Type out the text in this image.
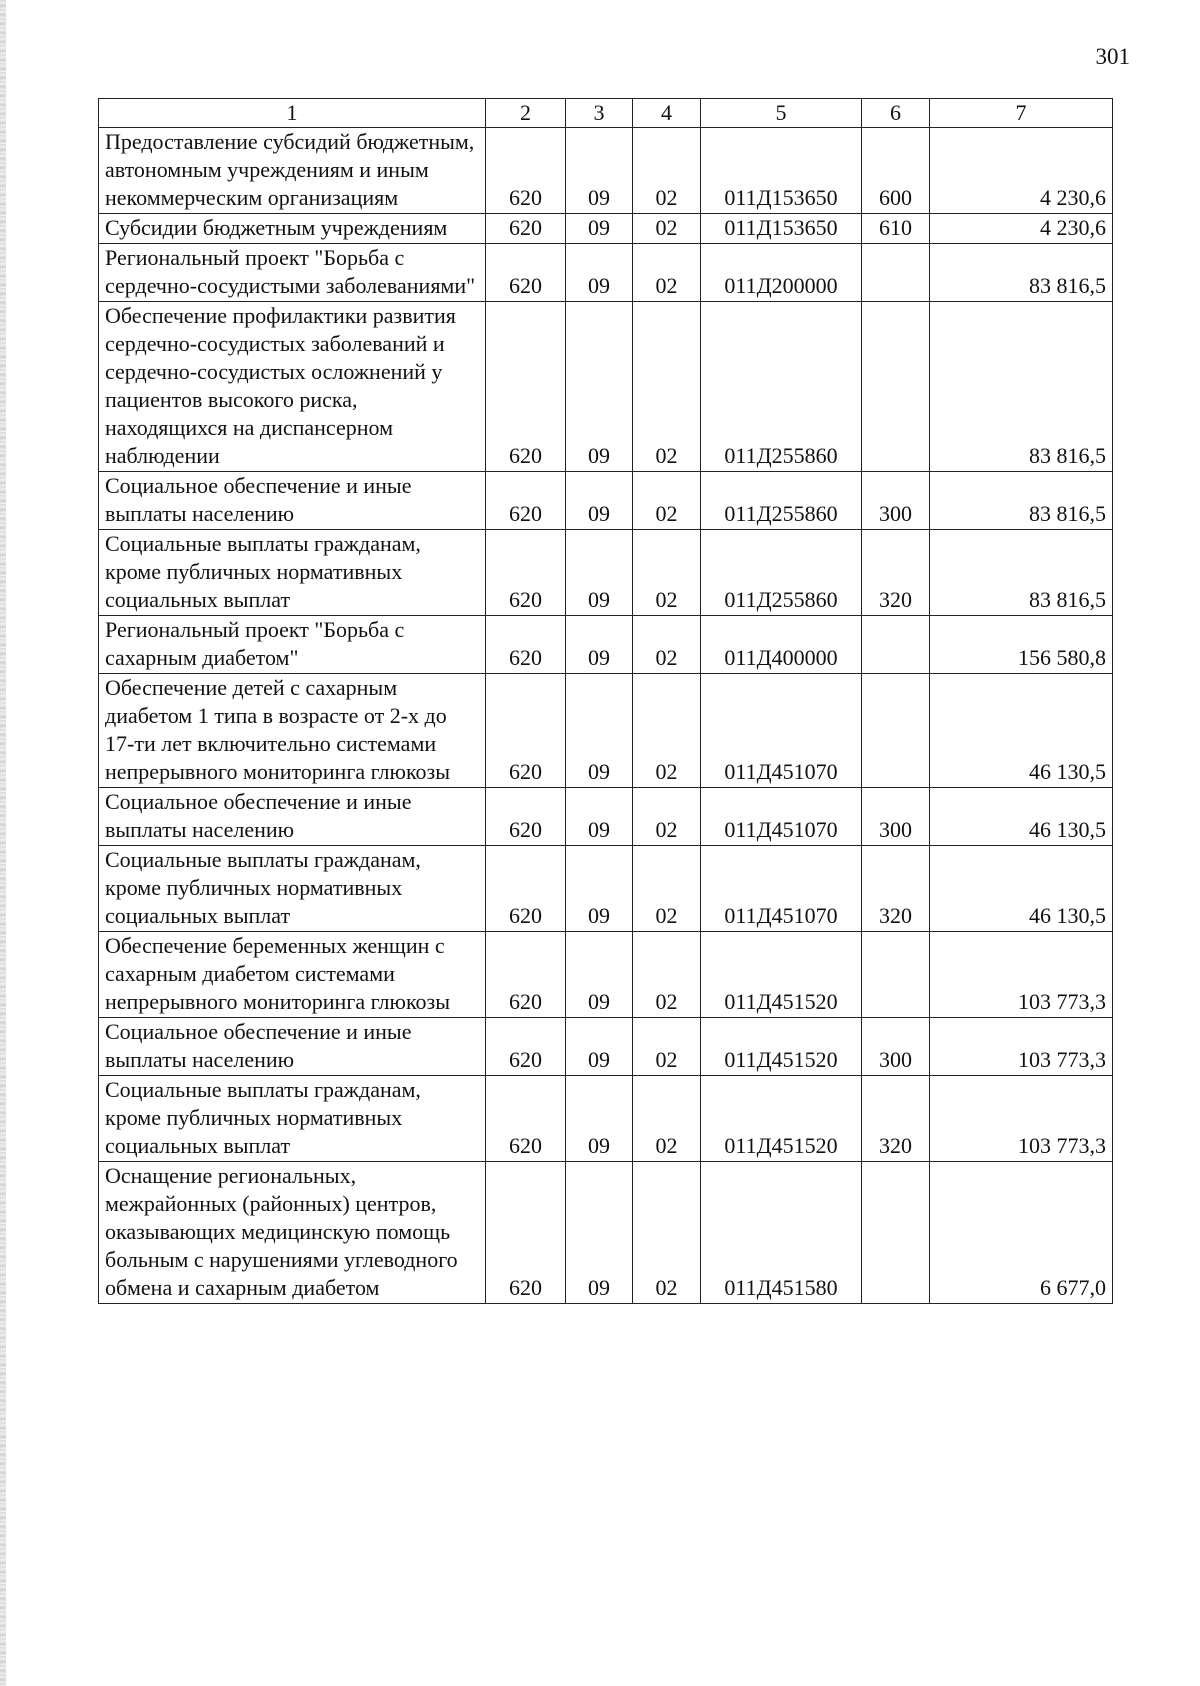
301
1	2	3	4	5	6	7
Предоставление субсидий бюджетным, автономным учреждениям и иным некоммерческим организациям	620	09	02	011Д153650	600	4 230,6
Субсидии бюджетным учреждениям	620	09	02	011Д153650	610	4 230,6
Региональный проект "Борьба с сердечно-сосудистыми заболеваниями"	620	09	02	011Д200000		83 816,5
Обеспечение профилактики развития сердечно-сосудистых заболеваний и сердечно-сосудистых осложнений у пациентов высокого риска, находящихся на диспансерном наблюдении	620	09	02	011Д255860		83 816,5
Социальное обеспечение и иные выплаты населению	620	09	02	011Д255860	300	83 816,5
Социальные выплаты гражданам, кроме публичных нормативных социальных выплат	620	09	02	011Д255860	320	83 816,5
Региональный проект "Борьба с сахарным диабетом"	620	09	02	011Д400000		156 580,8
Обеспечение детей с сахарным диабетом 1 типа в возрасте от 2-х до 17-ти лет включительно системами непрерывного мониторинга глюкозы	620	09	02	011Д451070		46 130,5
Социальное обеспечение и иные выплаты населению	620	09	02	011Д451070	300	46 130,5
Социальные выплаты гражданам, кроме публичных нормативных социальных выплат	620	09	02	011Д451070	320	46 130,5
Обеспечение беременных женщин с сахарным диабетом системами непрерывного мониторинга глюкозы	620	09	02	011Д451520		103 773,3
Социальное обеспечение и иные выплаты населению	620	09	02	011Д451520	300	103 773,3
Социальные выплаты гражданам, кроме публичных нормативных социальных выплат	620	09	02	011Д451520	320	103 773,3
Оснащение региональных, межрайонных (районных) центров, оказывающих медицинскую помощь больным с нарушениями углеводного обмена и сахарным диабетом	620	09	02	011Д451580		6 677,0
